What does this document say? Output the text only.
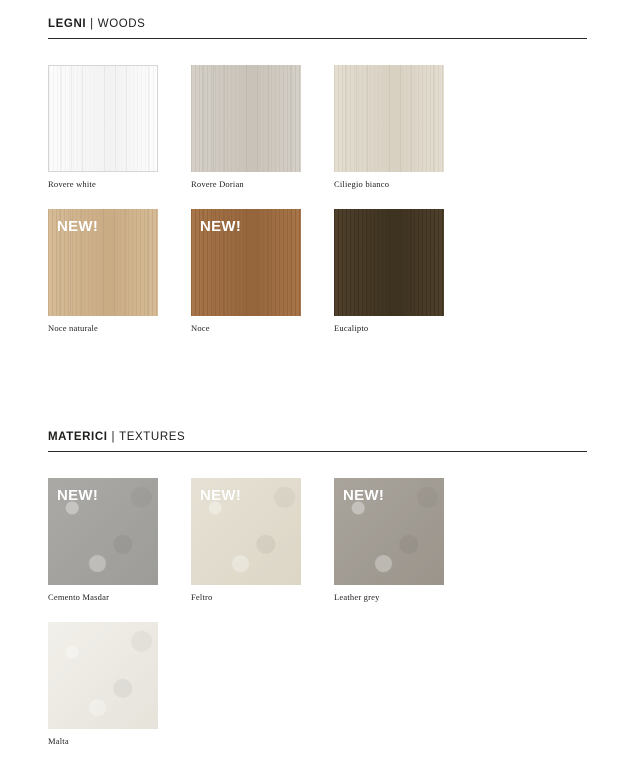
LEGNI | WOODS
Rovere white	Rovere Dorian	Ciliegio bianco
NEW!
Noce naturale
NEW!
Noce	Eucalipto
MATERICI | TEXTURES
NEW!
Cemento Masdar
NEW!
Feltro
NEW!
Leather grey
Malta
